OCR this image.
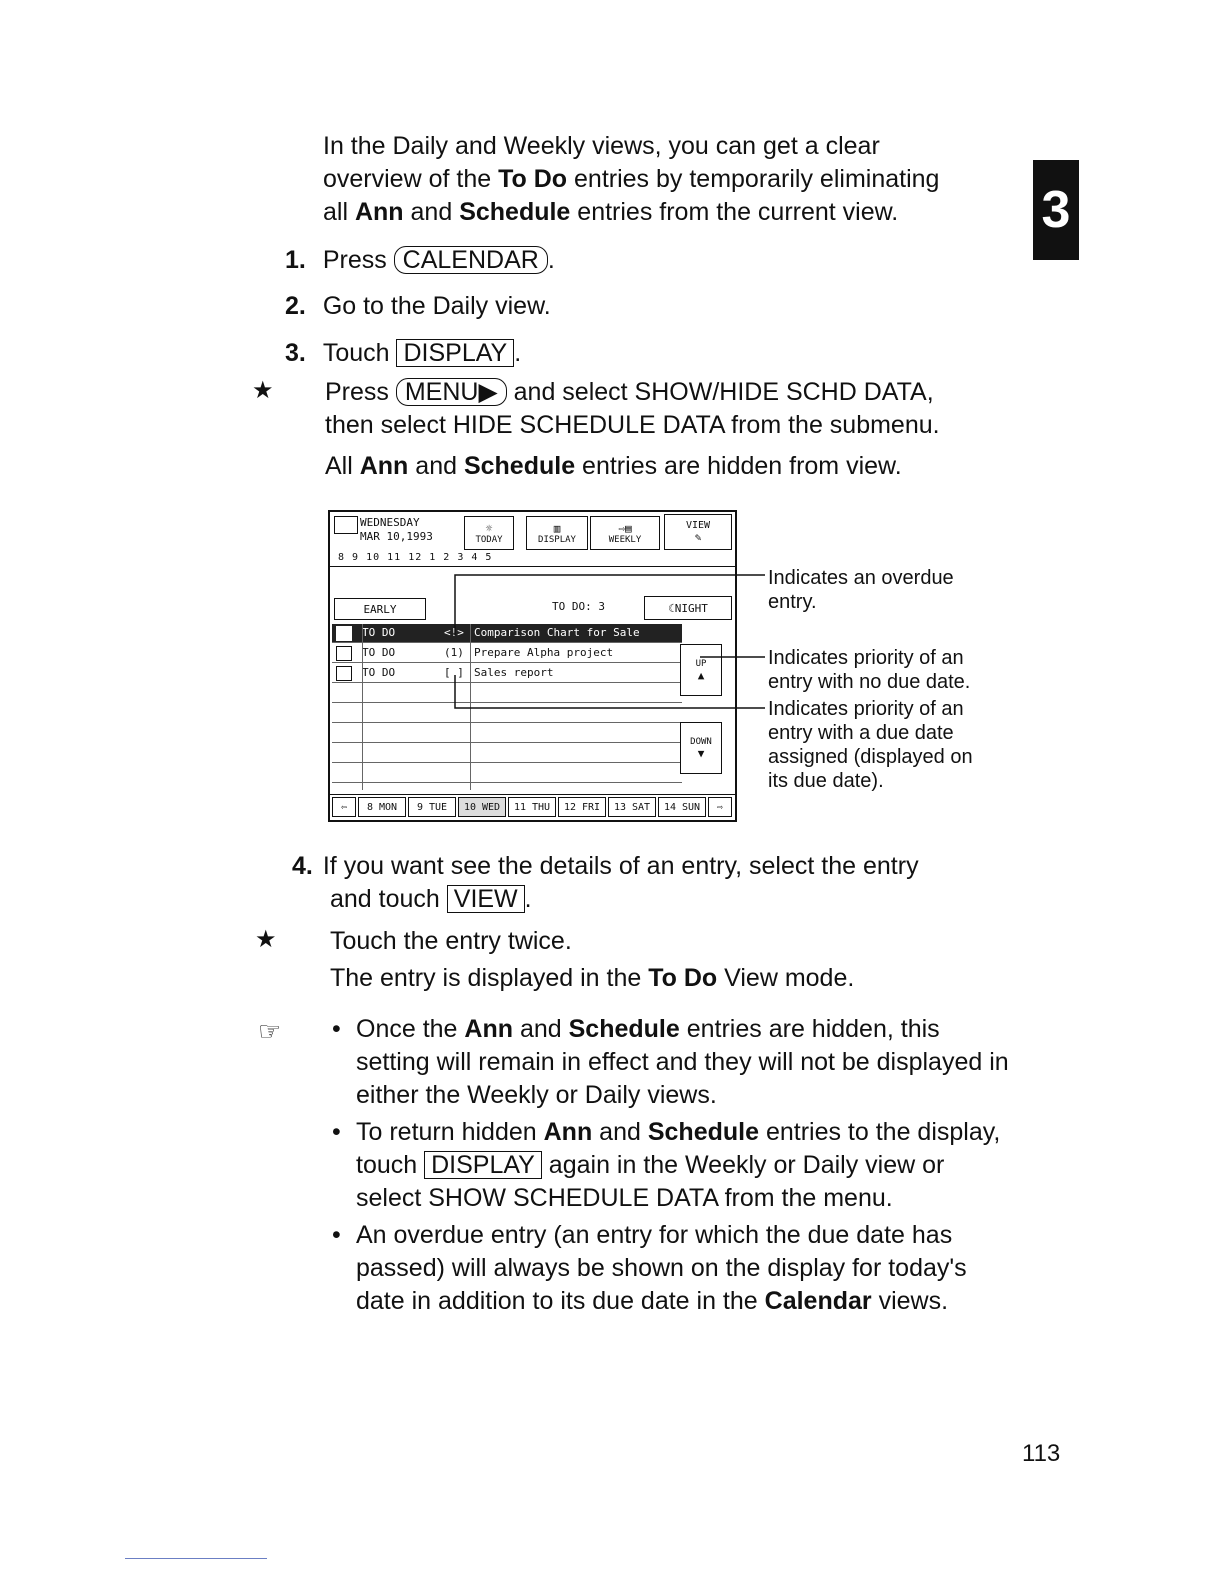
In the Daily and Weekly views, you can get a clear
overview of the To Do entries by temporarily eliminating
all Ann and Schedule entries from the current view.	3
1. Press CALENDAR .
2. Go to the Daily view.
3. Touch DISPLAY .
★ Press MENU▶ and select SHOW/HIDE SCHD DATA,
then select HIDE SCHEDULE DATA from the submenu.
All Ann and Schedule entries are hidden from view.
WEDNESDAY
MAR 10,1993
☼
TODAY
▥
DISPLAY
⇨▤
WEEKLY
VIEW
✎
8 9 10 11 12 1 2 3 4 5
EARLY	TO DO: 3	☾ NIGHT
TO DO	<!> Comparison Chart for Sale
TO DO	(1) Prepare Alpha project
TO DO	[ ] Sales report
UP
▲
DOWN
▼
⇦	8 MON	9 TUE	10 WED	11 THU	12 FRI	13 SAT	14 SUN	⇨
Indicates an overdue
entry.
Indicates priority of an
entry with no due date.
Indicates priority of an
entry with a due date
assigned (displayed on
its due date).
4. If you want see the details of an entry, select the entry
and touch VIEW .
★ Touch the entry twice.
The entry is displayed in the To Do View mode.
☞
•	Once the Ann and Schedule entries are hidden, this setting will remain in effect and they will not be displayed in either the Weekly or Daily views.
• To return hidden Ann and Schedule entries to the display, touch DISPLAY again in the Weekly or Daily view or select SHOW SCHEDULE DATA from the menu.
• An overdue entry (an entry for which the due date has passed) will always be shown on the display for today's date in addition to its due date in the Calendar views.
113
